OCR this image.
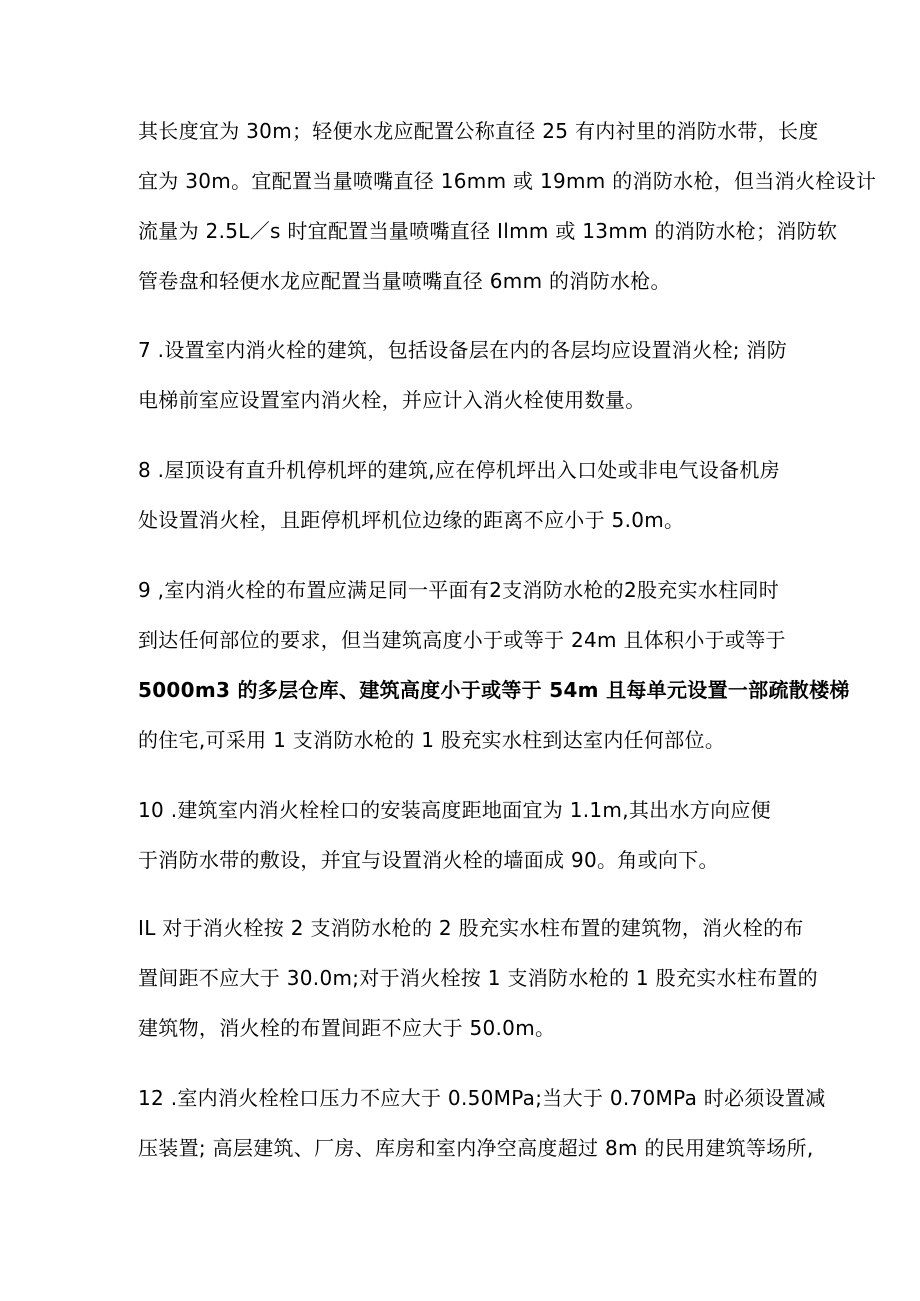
其长度宜为 30m；轻便水龙应配置公称直径 25 有内衬里的消防水带，长度
宜为 30m。宜配置当量喷嘴直径 16mm 或 19mm 的消防水枪，但当消火栓设计
流量为 2.5L／s 时宜配置当量喷嘴直径 Ilmm 或 13mm 的消防水枪；消防软
管卷盘和轻便水龙应配置当量喷嘴直径 6mm 的消防水枪。
7 .设置室内消火栓的建筑，包括设备层在内的各层均应设置消火栓; 消防
电梯前室应设置室内消火栓，并应计入消火栓使用数量。
8 .屋顶设有直升机停机坪的建筑,应在停机坪出入口处或非电气设备机房
处设置消火栓，且距停机坪机位边缘的距离不应小于 5.0m。
9 ,室内消火栓的布置应满足同一平面有2支消防水枪的2股充实水柱同时
到达任何部位的要求，但当建筑高度小于或等于 24m 且体积小于或等于
5000m3 的多层仓库、建筑高度小于或等于 54m 且每单元设置一部疏散楼梯
的住宅,可采用 1 支消防水枪的 1 股充实水柱到达室内任何部位。
10 .建筑室内消火栓栓口的安装高度距地面宜为 1.1m,其出水方向应便
于消防水带的敷设，并宜与设置消火栓的墙面成 90。角或向下。
IL 对于消火栓按 2 支消防水枪的 2 股充实水柱布置的建筑物，消火栓的布
置间距不应大于 30.0m;对于消火栓按 1 支消防水枪的 1 股充实水柱布置的
建筑物，消火栓的布置间距不应大于 50.0m。
12 .室内消火栓栓口压力不应大于 0.50MPa;当大于 0.70MPa 时必须设置减
压装置; 高层建筑、厂房、库房和室内净空高度超过 8m 的民用建筑等场所,
